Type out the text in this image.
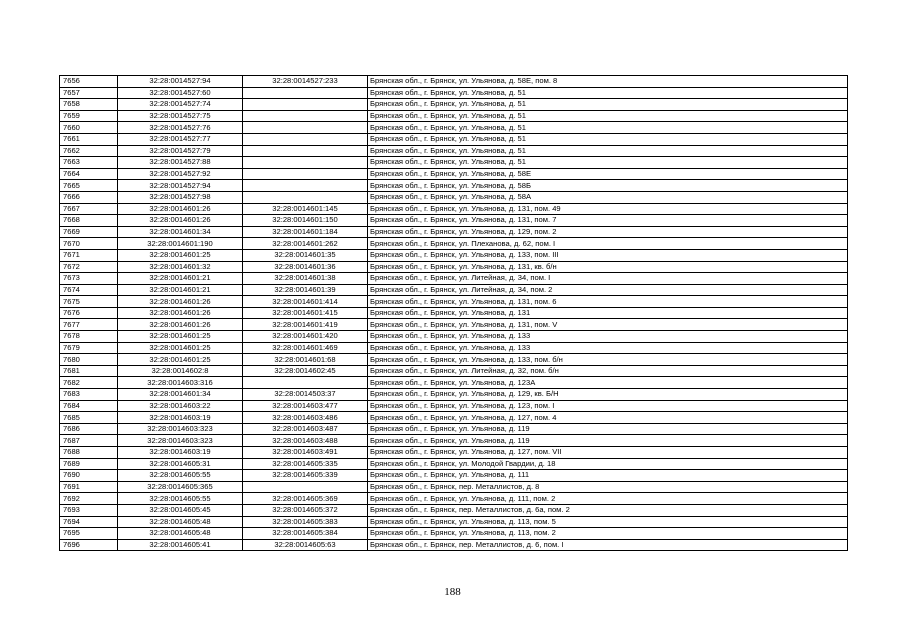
7656	32:28:0014527:94	32:28:0014527:233	Брянская обл., г. Брянск, ул. Ульянова, д. 58Е, пом. 8
7657	32:28:0014527:60		Брянская обл., г. Брянск, ул. Ульянова, д. 51
7658	32:28:0014527:74		Брянская обл., г. Брянск, ул. Ульянова, д. 51
7659	32:28:0014527:75		Брянская обл., г. Брянск, ул. Ульянова, д. 51
7660	32:28:0014527:76		Брянская обл., г. Брянск, ул. Ульянова, д. 51
7661	32:28:0014527:77		Брянская обл., г. Брянск, ул. Ульянова, д. 51
7662	32:28:0014527:79		Брянская обл., г. Брянск, ул. Ульянова, д. 51
7663	32:28:0014527:88		Брянская обл., г. Брянск, ул. Ульянова, д. 51
7664	32:28:0014527:92		Брянская обл., г. Брянск, ул. Ульянова, д. 58Е
7665	32:28:0014527:94		Брянская обл., г. Брянск, ул. Ульянова, д. 58Б
7666	32:28:0014527:98		Брянская обл., г. Брянск, ул. Ульянова, д. 58А
7667	32:28:0014601:26	32:28:0014601:145	Брянская обл., г. Брянск, ул. Ульянова, д. 131, пом. 49
7668	32:28:0014601:26	32:28:0014601:150	Брянская обл., г. Брянск, ул. Ульянова, д. 131, пом. 7
7669	32:28:0014601:34	32:28:0014601:184	Брянская обл., г. Брянск, ул. Ульянова, д. 129, пом. 2
7670	32:28:0014601:190	32:28:0014601:262	Брянская обл., г. Брянск, ул. Плеханова, д. 62, пом. I
7671	32:28:0014601:25	32:28:0014601:35	Брянская обл., г. Брянск, ул. Ульянова, д. 133, пом. III
7672	32:28:0014601:32	32:28:0014601:36	Брянская обл., г. Брянск, ул. Ульянова, д. 131, кв. б/н
7673	32:28:0014601:21	32:28:0014601:38	Брянская обл., г. Брянск, ул. Литейная, д. 34, пом. I
7674	32:28:0014601:21	32:28:0014601:39	Брянская обл., г. Брянск, ул. Литейная, д. 34, пом. 2
7675	32:28:0014601:26	32:28:0014601:414	Брянская обл., г. Брянск, ул. Ульянова, д. 131, пом. 6
7676	32:28:0014601:26	32:28:0014601:415	Брянская обл., г. Брянск, ул. Ульянова, д. 131
7677	32:28:0014601:26	32:28:0014601:419	Брянская обл., г. Брянск, ул. Ульянова, д. 131, пом. V
7678	32:28:0014601:25	32:28:0014601:420	Брянская обл., г. Брянск, ул. Ульянова, д. 133
7679	32:28:0014601:25	32:28:0014601:469	Брянская обл., г. Брянск, ул. Ульянова, д. 133
7680	32:28:0014601:25	32:28:0014601:68	Брянская обл., г. Брянск, ул. Ульянова, д. 133, пом. б/н
7681	32:28:0014602:8	32:28:0014602:45	Брянская обл., г. Брянск, ул. Литейная, д. 32, пом. б/н
7682	32:28:0014603:316		Брянская обл., г. Брянск, ул. Ульянова, д. 123А
7683	32:28:0014601:34	32:28:0014503:37	Брянская обл., г. Брянск, ул. Ульянова, д. 129, кв. Б/Н
7684	32:28:0014603:22	32:28:0014603:477	Брянская обл., г. Брянск, ул. Ульянова, д. 123, пом. I
7685	32:28:0014603:19	32:28:0014603:486	Брянская обл., г. Брянск, ул. Ульянова, д. 127, пом. 4
7686	32:28:0014603:323	32:28:0014603:487	Брянская обл., г. Брянск, ул. Ульянова, д. 119
7687	32:28:0014603:323	32:28:0014603:488	Брянская обл., г. Брянск, ул. Ульянова, д. 119
7688	32:28:0014603:19	32:28:0014603:491	Брянская обл., г. Брянск, ул. Ульянова, д. 127, пом. VII
7689	32:28:0014605:31	32:28:0014605:335	Брянская обл., г. Брянск, ул. Молодой Гвардии, д. 18
7690	32:28:0014605:55	32:28:0014605:339	Брянская обл., г. Брянск, ул. Ульянова, д. 111
7691	32:28:0014605:365		Брянская обл., г. Брянск, пер. Металлистов, д. 8
7692	32:28:0014605:55	32:28:0014605:369	Брянская обл., г. Брянск, ул. Ульянова, д. 111, пом. 2
7693	32:28:0014605:45	32:28:0014605:372	Брянская обл., г. Брянск, пер. Металлистов, д. 6а, пом. 2
7694	32:28:0014605:48	32:28:0014605:383	Брянская обл., г. Брянск, ул. Ульянова, д. 113, пом. 5
7695	32:28:0014605:48	32:28:0014605:384	Брянская обл., г. Брянск, ул. Ульянова, д. 113, пом. 2
7696	32:28:0014605:41	32:28:0014605:63	Брянская обл., г. Брянск, пер. Металлистов, д. 6, пом. I
188
